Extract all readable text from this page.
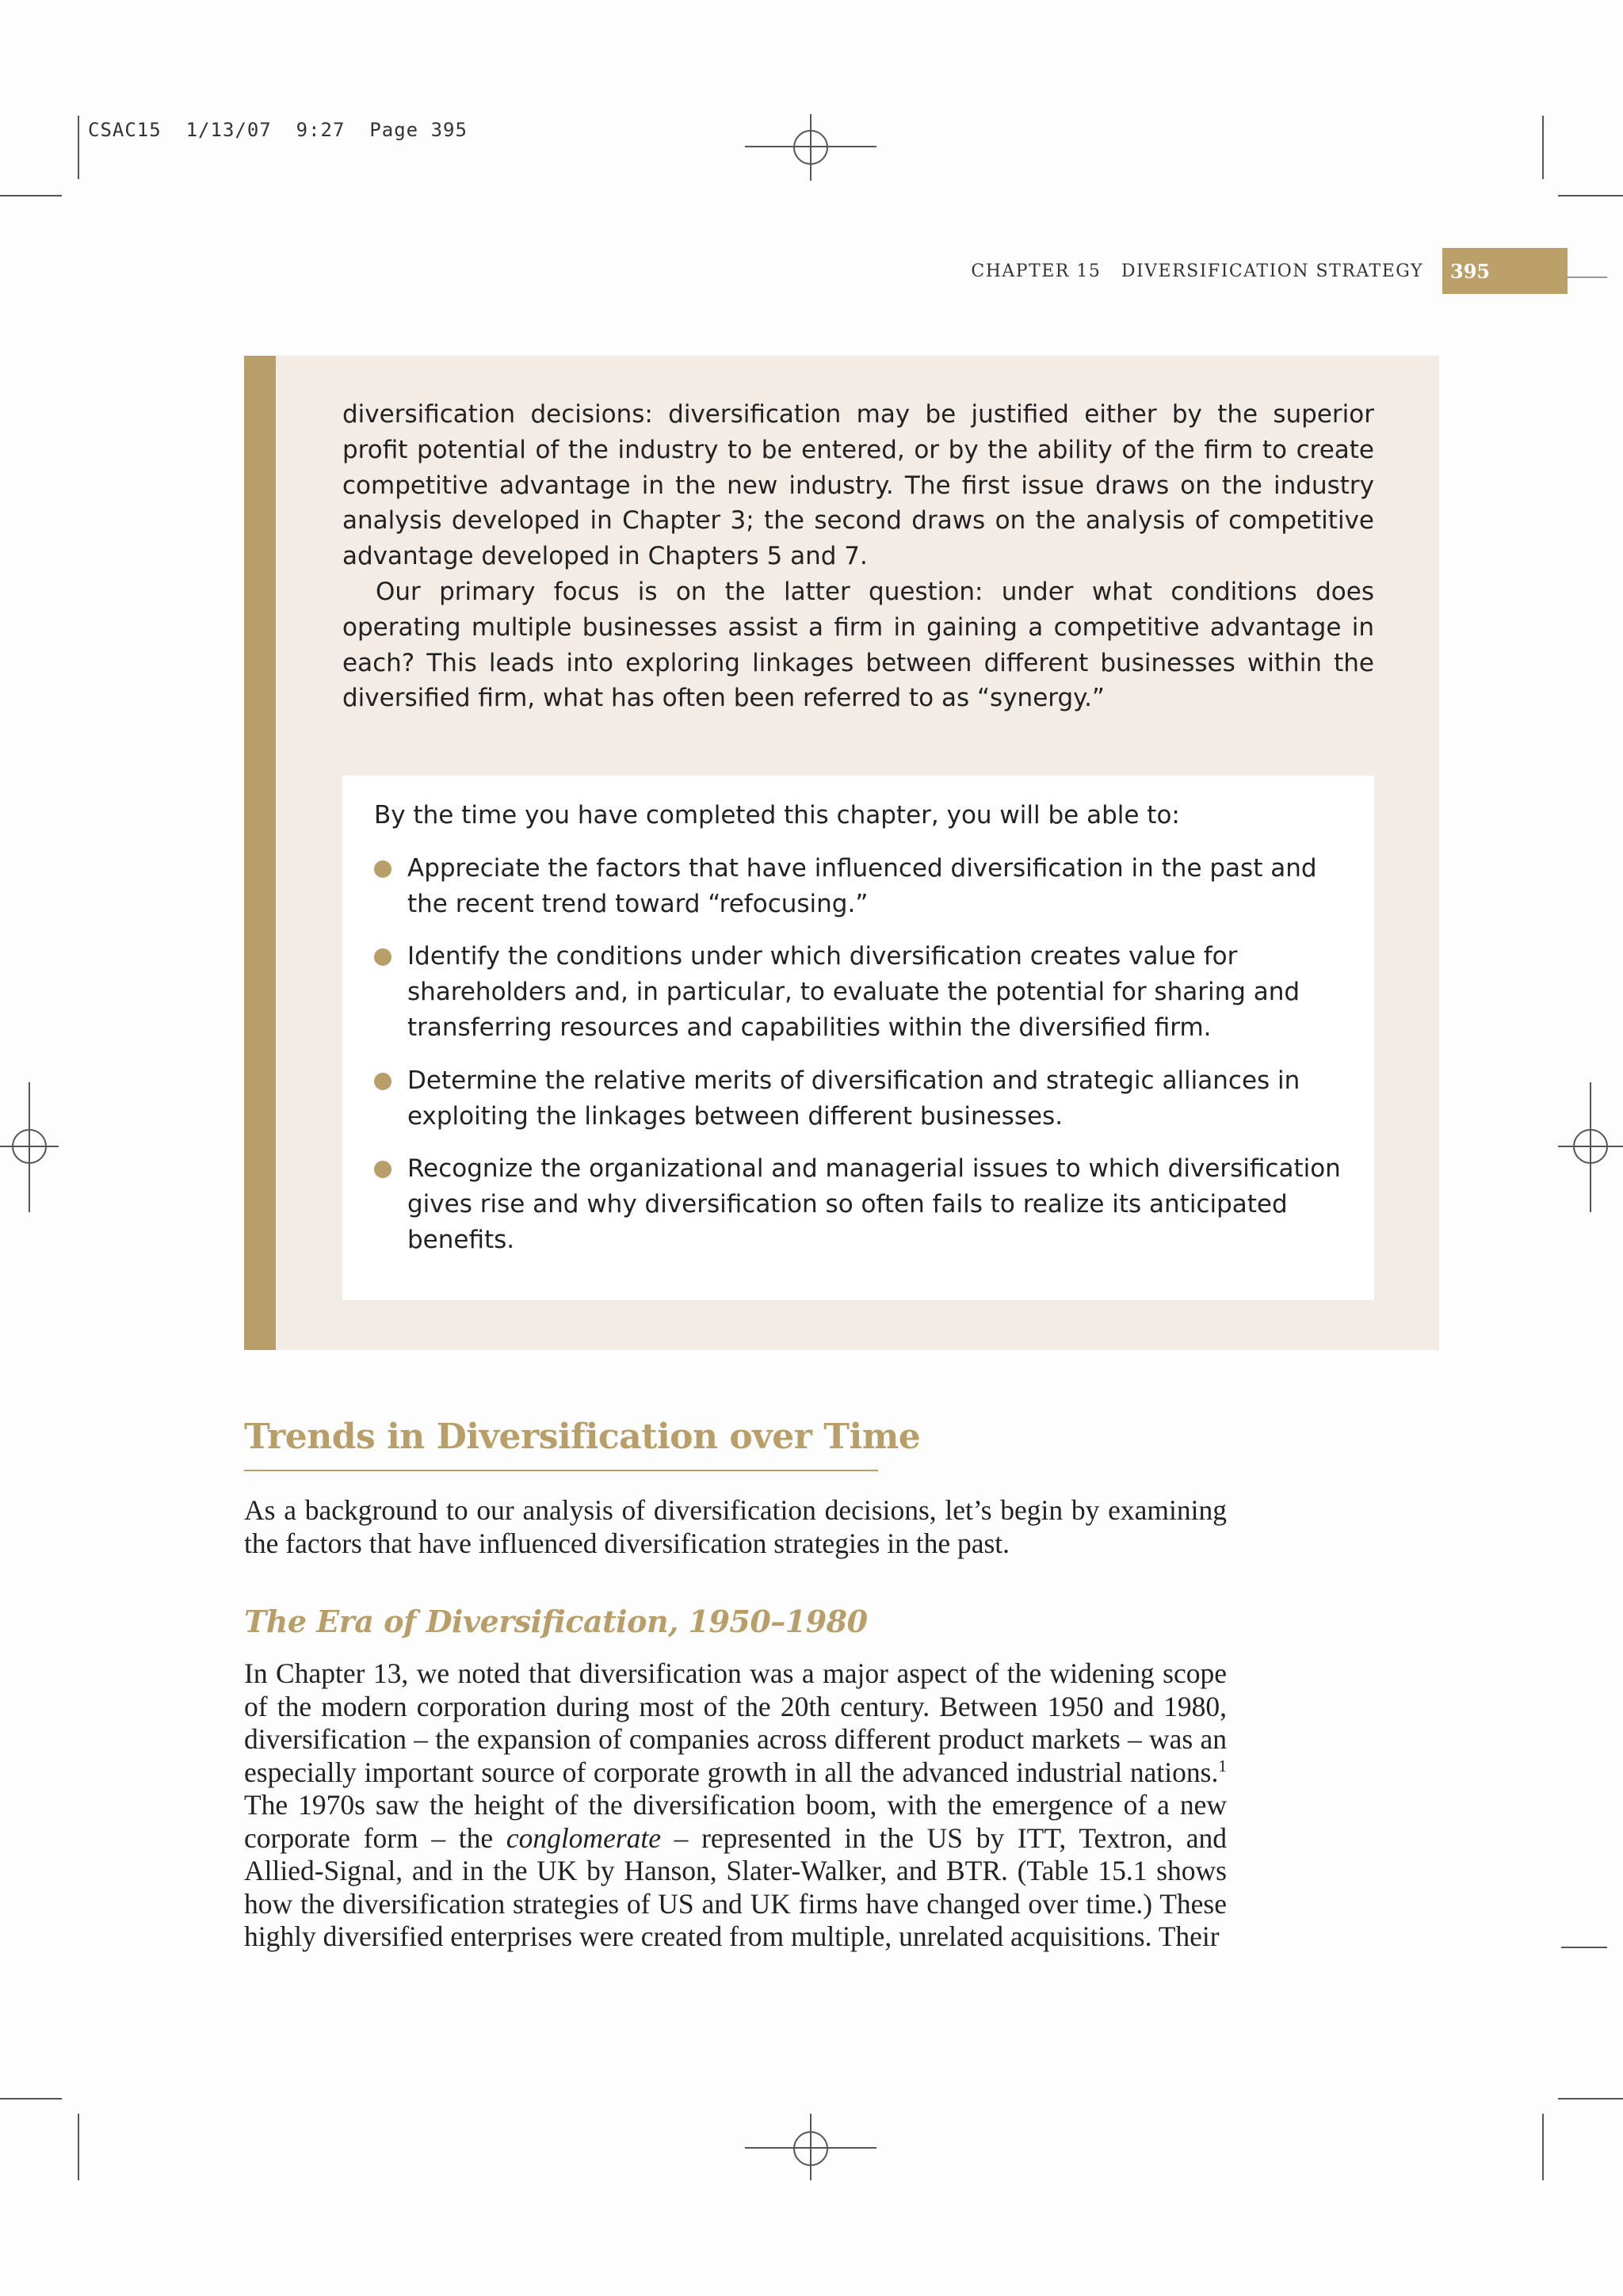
CSAC15  1/13/07  9:27  Page 395
CHAPTER 15   DIVERSIFICATION STRATEGY	395

diversification decisions: diversification may be justified either by the superior profit potential of the industry to be entered, or by the ability of the firm to create competitive advantage in the new industry. The first issue draws on the industry analysis developed in Chapter 3; the second draws on the analysis of competitive advantage developed in Chapters 5 and 7.

Our primary focus is on the latter question: under what conditions does operating multiple businesses assist a firm in gaining a competitive advantage in each? This leads into exploring linkages between different businesses within the diversified firm, what has often been referred to as “synergy.”

By the time you have completed this chapter, you will be able to:

Appreciate the factors that have influenced diversification in the past and the recent trend toward “refocusing.”
Identify the conditions under which diversification creates value for shareholders and, in particular, to evaluate the potential for sharing and transferring resources and capabilities within the diversified firm.
Determine the relative merits of diversification and strategic alliances in exploiting the linkages between different businesses.
Recognize the organizational and managerial issues to which diversification gives rise and why diversification so often fails to realize its anticipated benefits.
Trends in Diversification over Time

As a background to our analysis of diversification decisions, let’s begin by examining the factors that have influenced diversification strategies in the past.

The Era of Diversification, 1950–1980

In Chapter 13, we noted that diversification was a major aspect of the widening scope of the modern corporation during most of the 20th century. Between 1950 and 1980, diversification – the expansion of companies across different product markets – was an especially important source of corporate growth in all the advanced industrial nations.$^1$ The 1970s saw the height of the diversification boom, with the emergence of a new corporate form – the conglomerate – represented in the US by ITT, Textron, and Allied-Signal, and in the UK by Hanson, Slater-Walker, and BTR. (Table 15.1 shows how the diversification strategies of US and UK firms have changed over time.) These highly diversified enterprises were created from multiple, unrelated acquisitions. Their
